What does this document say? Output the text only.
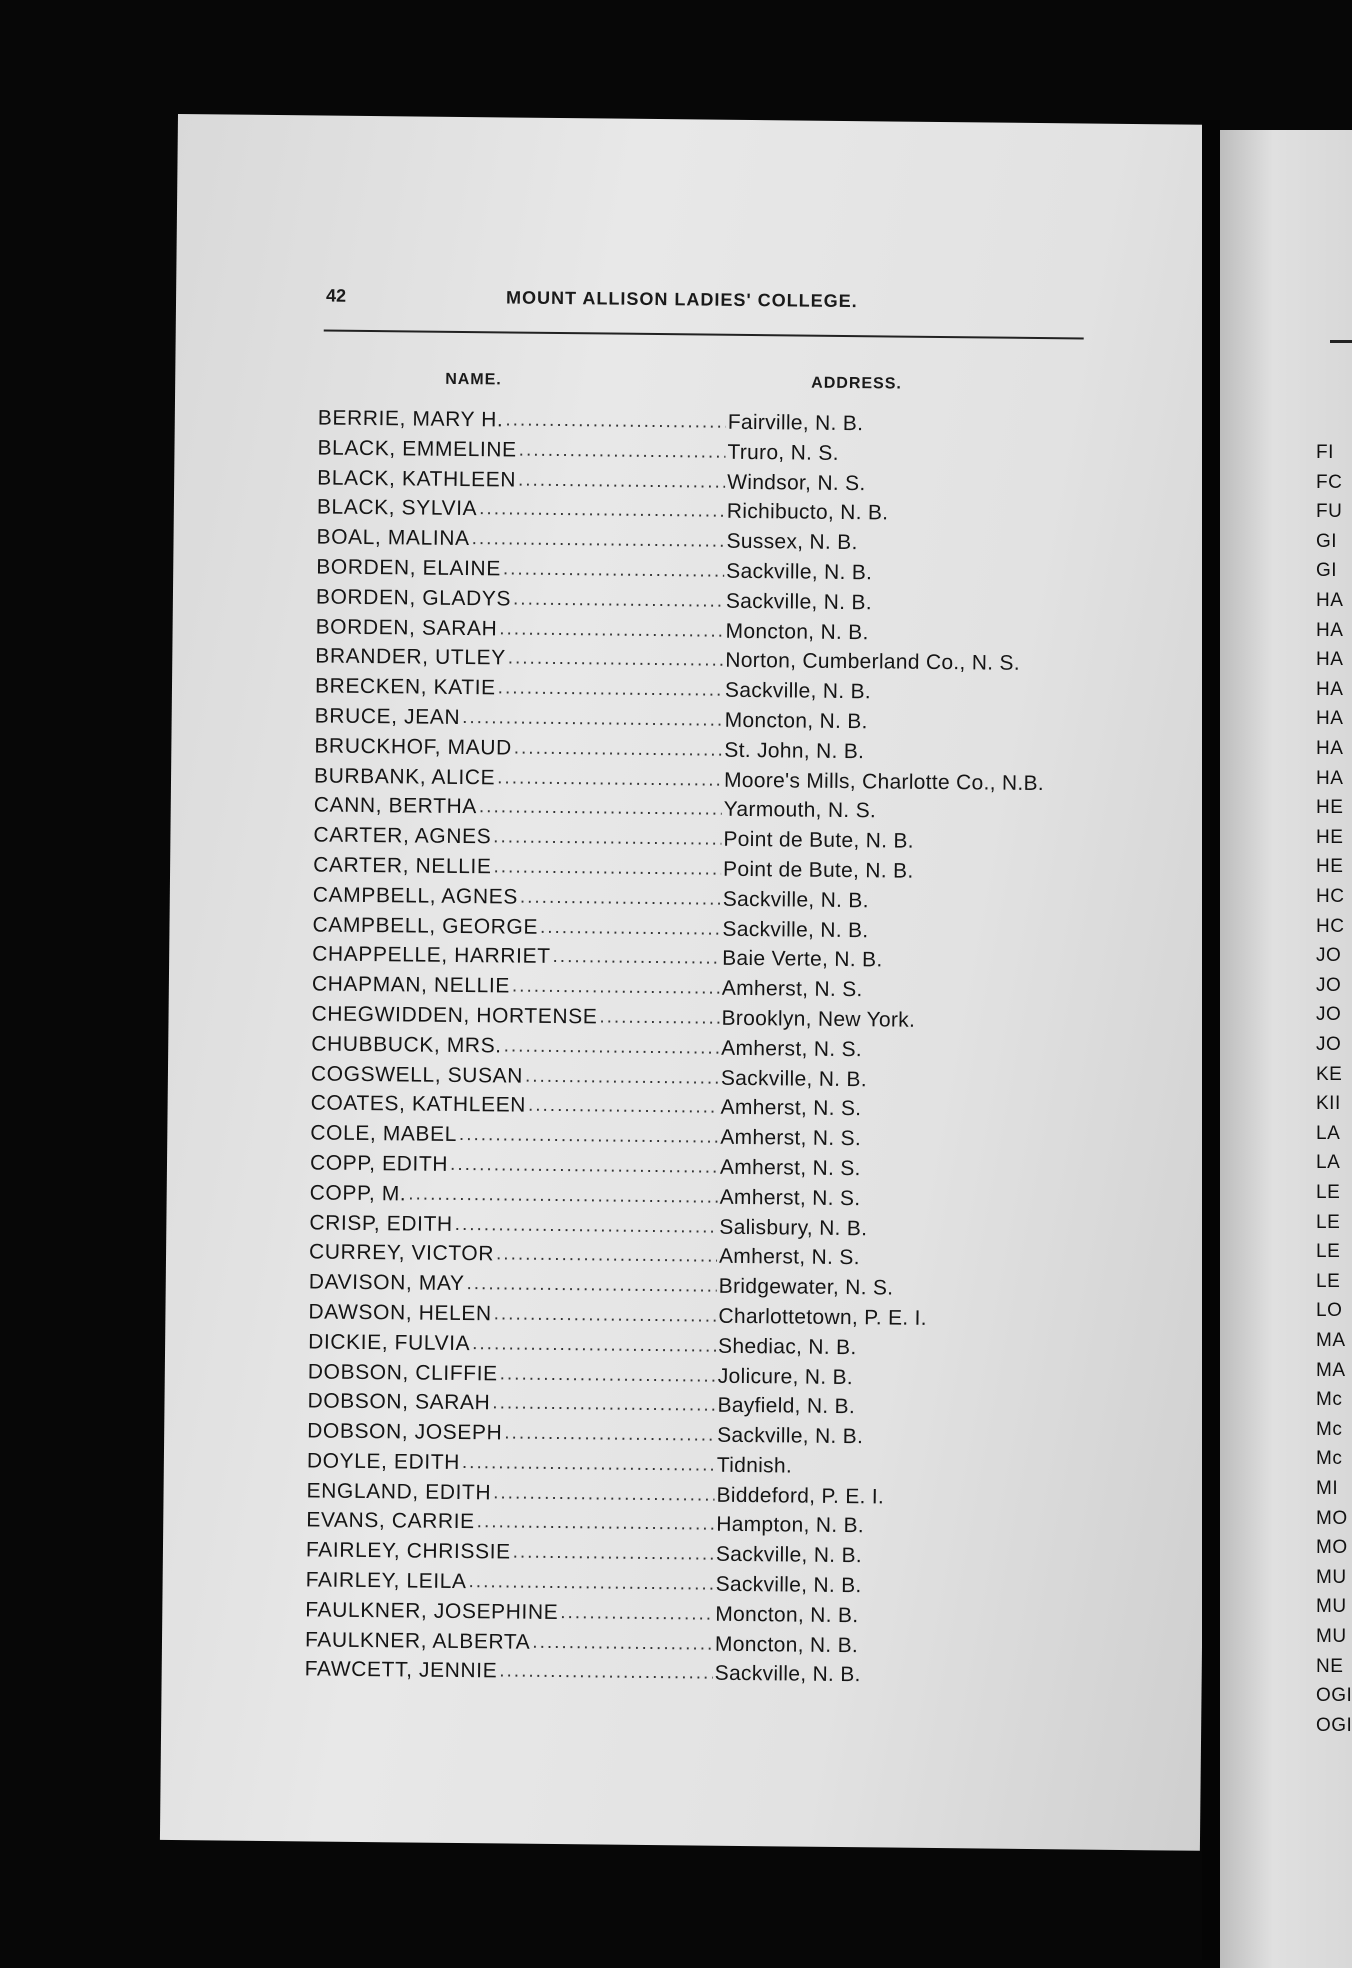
42	MOUNT ALLISON LADIES' COLLEGE.
NAME.	ADDRESS.
BERRIE, MARY H. .....	Fairville, N. B.
BLACK, EMMELINE .....	Truro, N. S.
BLACK, KATHLEEN .....	Windsor, N. S.
BLACK, SYLVIA .....	Richibucto, N. B.
BOAL, MALINA .....	Sussex, N. B.
BORDEN, ELAINE .....	Sackville, N. B.
BORDEN, GLADYS .....	Sackville, N. B.
BORDEN, SARAH .....	Moncton, N. B.
BRANDER, UTLEY .....	Norton, Cumberland Co., N. S.
BRECKEN, KATIE .....	Sackville, N. B.
BRUCE, JEAN .....	Moncton, N. B.
BRUCKHOF, MAUD .....	St. John, N. B.
BURBANK, ALICE .....	Moore's Mills, Charlotte Co., N.B.
CANN, BERTHA .....	Yarmouth, N. S.
CARTER, AGNES .....	Point de Bute, N. B.
CARTER, NELLIE .....	Point de Bute, N. B.
CAMPBELL, AGNES .....	Sackville, N. B.
CAMPBELL, GEORGE .....	Sackville, N. B.
CHAPPELLE, HARRIET .....	Baie Verte, N. B.
CHAPMAN, NELLIE .....	Amherst, N. S.
CHEGWIDDEN, HORTENSE .....	Brooklyn, New York.
CHUBBUCK, MRS. .....	Amherst, N. S.
COGSWELL, SUSAN .....	Sackville, N. B.
COATES, KATHLEEN .....	Amherst, N. S.
COLE, MABEL .....	Amherst, N. S.
COPP, EDITH .....	Amherst, N. S.
COPP, M. .....	Amherst, N. S.
CRISP, EDITH .....	Salisbury, N. B.
CURREY, VICTOR .....	Amherst, N. S.
DAVISON, MAY .....	Bridgewater, N. S.
DAWSON, HELEN .....	Charlottetown, P. E. I.
DICKIE, FULVIA .....	Shediac, N. B.
DOBSON, CLIFFIE .....	Jolicure, N. B.
DOBSON, SARAH .....	Bayfield, N. B.
DOBSON, JOSEPH .....	Sackville, N. B.
DOYLE, EDITH .....	Tidnish.
ENGLAND, EDITH .....	Biddeford, P. E. I.
EVANS, CARRIE .....	Hampton, N. B.
FAIRLEY, CHRISSIE .....	Sackville, N. B.
FAIRLEY, LEILA .....	Sackville, N. B.
FAULKNER, JOSEPHINE .....	Moncton, N. B.
FAULKNER, ALBERTA .....	Moncton, N. B.
FAWCETT, JENNIE .....	Sackville, N. B.
FI
FC
FU
GI
GI
HA
HA
HA
HA
HA
HA
HA
HE
HE
HE
HC
HC
JO
JO
JO
JO
KE
KII
LA
LA
LE
LE
LE
LE
LO
MA
MA
Mc
Mc
Mc
MI
MO
MO
MU
MU
MU
NE
OGI
OGI
